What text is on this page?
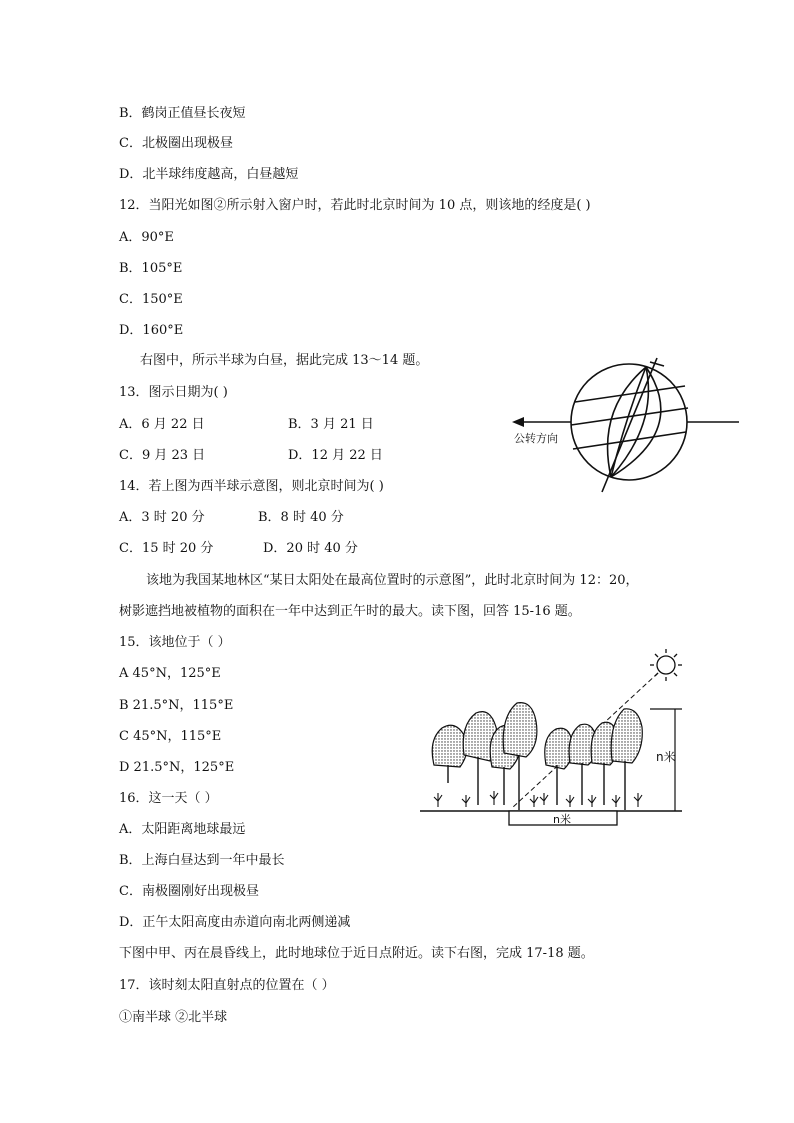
B．鹤岗正值昼长夜短
C．北极圈出现极昼
D．北半球纬度越高，白昼越短
12．当阳光如图②所示射入窗户时，若此时北京时间为 10 点，则该地的经度是( )
A．90°E
B．105°E
C．150°E
D．160°E
右图中，所示半球为白昼，据此完成 13～14 题。
13．图示日期为( )
A．6 月 22 日	B．3 月 21 日
C．9 月 23 日	D．12 月 22 日
14．若上图为西半球示意图，则北京时间为( )
A．3 时 20 分	B．8 时 40 分
C．15 时 20 分	D．20 时 40 分
该地为我国某地林区“某日太阳处在最高位置时的示意图”，此时北京时间为 12：20，
树影遮挡地被植物的面积在一年中达到正午时的最大。读下图，回答 15-16 题。
15．该地位于（ ）
A 45°N，125°E
B 21.5°N，115°E
C 45°N，115°E
D 21.5°N，125°E
16．这一天（ ）
A．太阳距离地球最远
B．上海白昼达到一年中最长
C．南极圈刚好出现极昼
D．正午太阳高度由赤道向南北两侧递减
下图中甲、丙在晨昏线上，此时地球位于近日点附近。读下右图，完成 17-18 题。
17．该时刻太阳直射点的位置在（ ）
①南半球 ②北半球
公转方向
n米
n米
